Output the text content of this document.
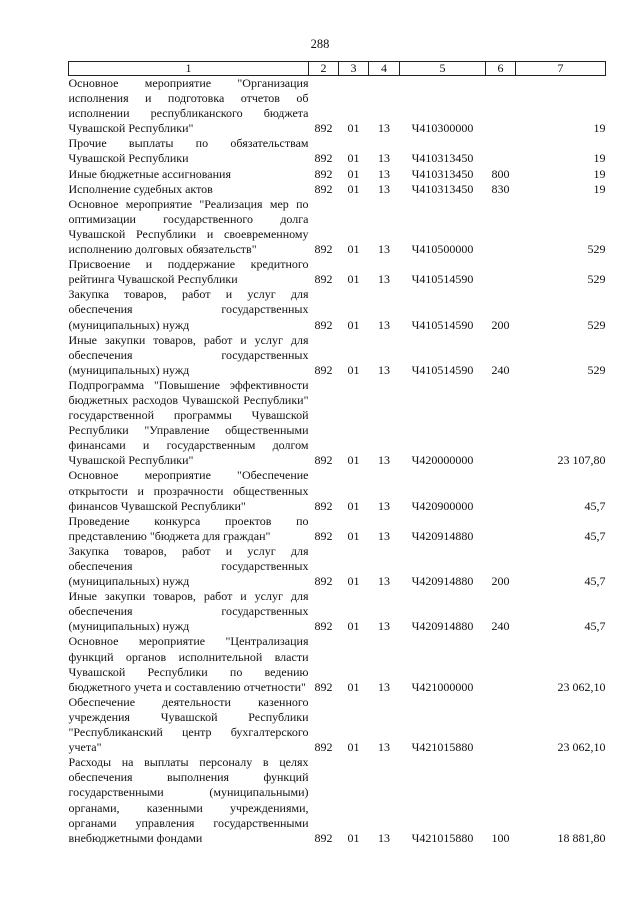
288
1	2	3	4	5	6	7
Основное мероприятие "Организация исполнения и подготовка отчетов об исполнении республиканского бюджета Чувашской Республики"	892	01	13	Ч410300000		19
Прочие выплаты по обязательствам Чувашской Республики	892	01	13	Ч410313450		19
Иные бюджетные ассигнования	892	01	13	Ч410313450	800	19
Исполнение судебных актов	892	01	13	Ч410313450	830	19
Основное мероприятие "Реализация мер по оптимизации государственного долга Чувашской Республики и своевременному исполнению долговых обязательств"	892	01	13	Ч410500000		529
Присвоение и поддержание кредитного рейтинга Чувашской Республики	892	01	13	Ч410514590		529
Закупка товаров, работ и услуг для обеспечения государственных (муниципальных) нужд	892	01	13	Ч410514590	200	529
Иные закупки товаров, работ и услуг для обеспечения государственных (муниципальных) нужд	892	01	13	Ч410514590	240	529
Подпрограмма "Повышение эффективности бюджетных расходов Чувашской Республики" государственной программы Чувашской Республики "Управление общественными финансами и государственным долгом Чувашской Республики"	892	01	13	Ч420000000		23 107,80
Основное мероприятие "Обеспечение открытости и прозрачности общественных финансов Чувашской Республики"	892	01	13	Ч420900000		45,7
Проведение конкурса проектов по представлению "бюджета для граждан"	892	01	13	Ч420914880		45,7
Закупка товаров, работ и услуг для обеспечения государственных (муниципальных) нужд	892	01	13	Ч420914880	200	45,7
Иные закупки товаров, работ и услуг для обеспечения государственных (муниципальных) нужд	892	01	13	Ч420914880	240	45,7
Основное мероприятие "Централизация функций органов исполнительной власти Чувашской Республики по ведению бюджетного учета и составлению отчетности"	892	01	13	Ч421000000		23 062,10
Обеспечение деятельности казенного учреждения Чувашской Республики "Республиканский центр бухгалтерского учета"	892	01	13	Ч421015880		23 062,10
Расходы на выплаты персоналу в целях обеспечения выполнения функций государственными (муниципальными) органами, казенными учреждениями, органами управления государственными внебюджетными фондами	892	01	13	Ч421015880	100	18 881,80
